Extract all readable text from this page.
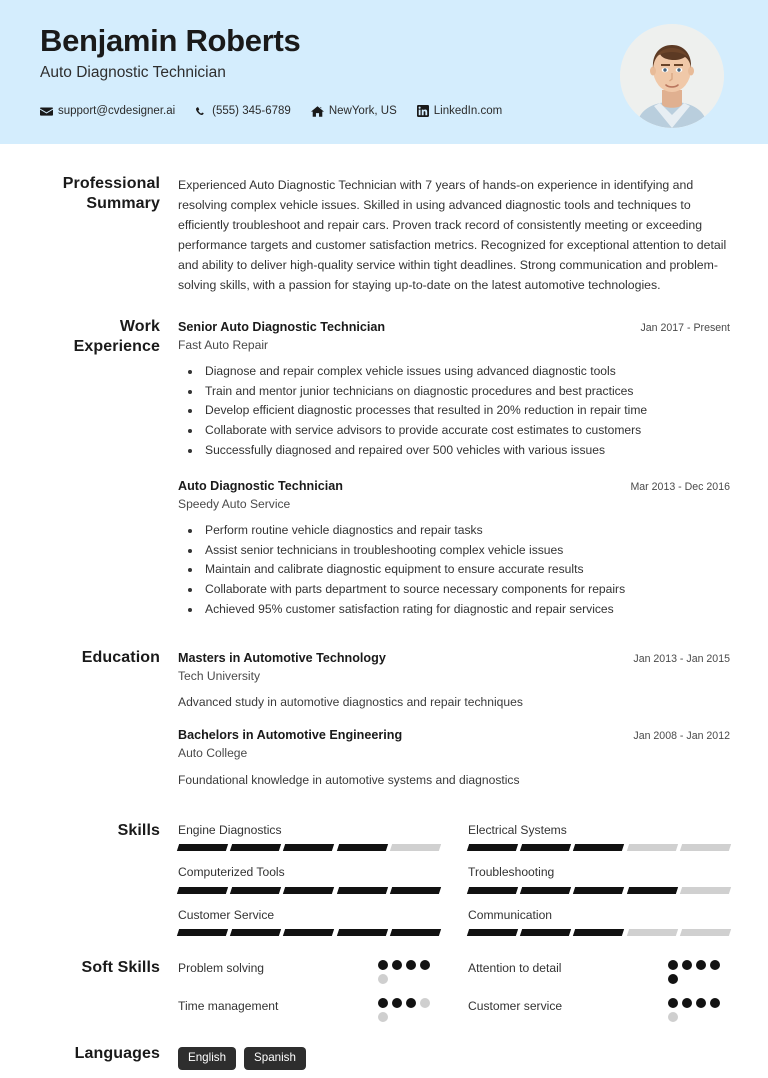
Benjamin Roberts
Auto Diagnostic Technician
support@cvdesigner.ai	(555) 345-6789	NewYork, US	LinkedIn.com
Professional Summary

Experienced Auto Diagnostic Technician with 7 years of hands-on experience in identifying and resolving complex vehicle issues. Skilled in using advanced diagnostic tools and techniques to efficiently troubleshoot and repair cars. Proven track record of consistently meeting or exceeding performance targets and customer satisfaction metrics. Recognized for exceptional attention to detail and ability to deliver high-quality service within tight deadlines. Strong communication and problem-solving skills, with a passion for staying up-to-date on the latest automotive technologies.

Work Experience
Senior Auto Diagnostic Technician	Jan 2017 - Present
Fast Auto Repair
• Diagnose and repair complex vehicle issues using advanced diagnostic tools
• Train and mentor junior technicians on diagnostic procedures and best practices
• Develop efficient diagnostic processes that resulted in 20% reduction in repair time
• Collaborate with service advisors to provide accurate cost estimates to customers
• Successfully diagnosed and repaired over 500 vehicles with various issues
Auto Diagnostic Technician	Mar 2013 - Dec 2016
Speedy Auto Service
• Perform routine vehicle diagnostics and repair tasks
• Assist senior technicians in troubleshooting complex vehicle issues
• Maintain and calibrate diagnostic equipment to ensure accurate results
• Collaborate with parts department to source necessary components for repairs
• Achieved 95% customer satisfaction rating for diagnostic and repair services
Education	Masters in Automotive Technology	Jan 2013 - Jan 2015
Tech University
Advanced study in automotive diagnostics and repair techniques
Bachelors in Automotive Engineering	Jan 2008 - Jan 2012
Auto College
Foundational knowledge in automotive systems and diagnostics
Skills	Engine Diagnostics	Electrical Systems
Computerized Tools	Troubleshooting
Customer Service	Communication
Soft Skills	Problem solving	Attention to detail
Time management	Customer service
Languages	English	Spanish
